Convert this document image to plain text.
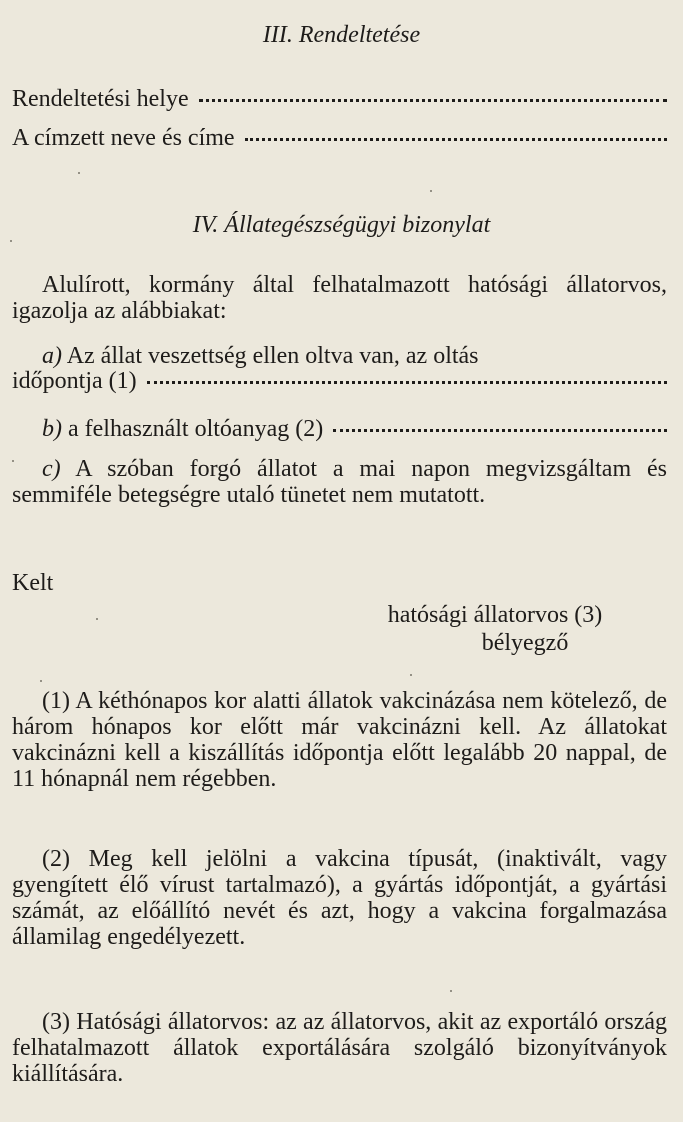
III. Rendeltetése
Rendeltetési helye
A címzett neve és címe
IV. Állategészségügyi bizonylat
Alulírott, kormány által felhatalmazott hatósági állatorvos, igazolja az alábbiakat:
a) Az állat veszettség ellen oltva van, az oltás
időpontja (1)
b) a felhasznált oltóanyag (2)
c) A szóban forgó állatot a mai napon megvizsgáltam és semmiféle betegségre utaló tünetet nem mutatott.
Kelt
hatósági állatorvos (3)
bélyegző
(1) A kéthónapos kor alatti állatok vakcinázása nem kötelező, de három hónapos kor előtt már vakcinázni kell. Az állatokat vakcinázni kell a kiszállítás időpontja előtt legalább 20 nappal, de 11 hónapnál nem régebben.
(2) Meg kell jelölni a vakcina típusát, (inaktivált, vagy gyengített élő vírust tartalmazó), a gyártás időpontját, a gyártási számát, az előállító nevét és azt, hogy a vakcina forgalmazása államilag engedélyezett.
(3) Hatósági állatorvos: az az állatorvos, akit az exportáló ország felhatalmazott állatok exportálására szolgáló bizonyítványok kiállítására.
